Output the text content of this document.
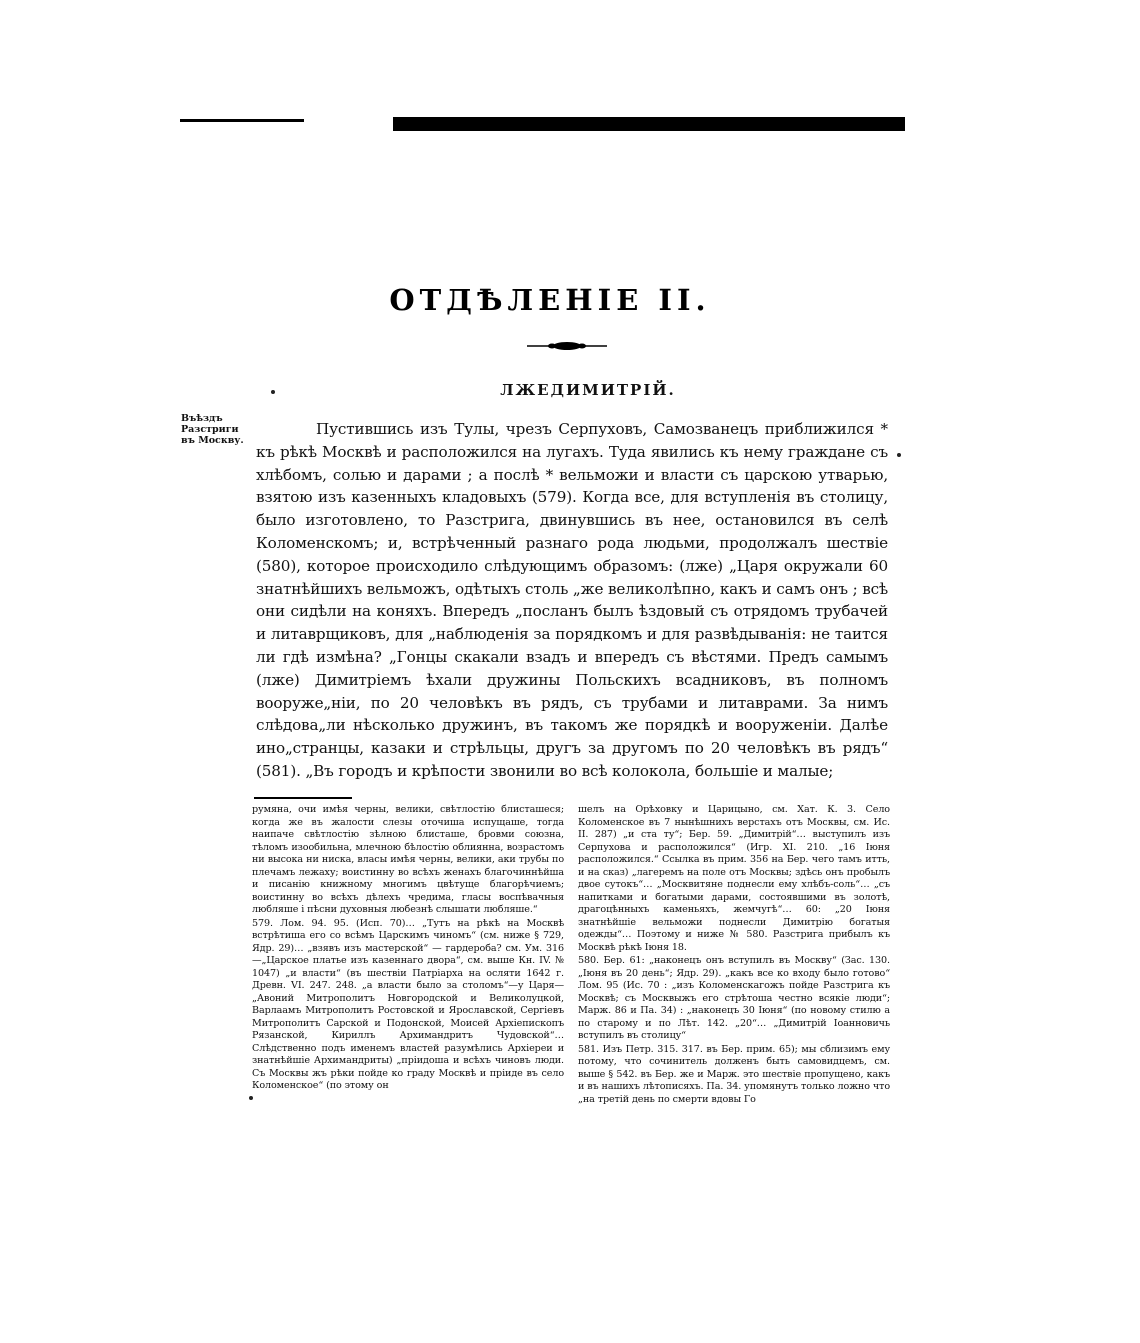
ОТДѢЛЕНІЕ II.
ЛЖЕДИМИТРІЙ.
Въѣздъ Разстриги въ Москву.
Пустившись изъ Тулы, чрезъ Серпуховъ, Самозванецъ приближился * къ рѣкѣ Москвѣ и расположился на лугахъ. Туда явились къ нему граждане съ хлѣбомъ, солью и дарами ; а послѣ * вельможи и власти съ царскою утварью, взятою изъ казенныхъ кладовыхъ (579). Когда все, для вступленія въ столицу, было изготовлено, то Разстрига, двинувшись въ нее, остановился въ селѣ Коломенскомъ; и, встрѣченный разнаго рода людьми, продолжалъ шествіе (580), которое происходило слѣдующимъ образомъ: (лже) „Царя окружали 60 знатнѣйшихъ вельможъ, одѣтыхъ столь „же великолѣпно, какъ и самъ онъ ; всѣ они сидѣли на коняхъ. Впередъ „посланъ былъ ѣздовый съ отрядомъ трубачей и литаврщиковъ, для „наблюденія за порядкомъ и для развѣдыванія: не таится ли гдѣ измѣна? „Гонцы скакали взадъ и впередъ съ вѣстями. Предъ самымъ (лже) Димитріемъ ѣхали дружины Польскихъ всадниковъ, въ полномъ вооруже„ніи, по 20 человѣкъ въ рядъ, съ трубами и литаврами. За нимъ слѣдова„ли нѣсколько дружинъ, въ такомъ же порядкѣ и вооруженіи. Далѣе ино„странцы, казаки и стрѣльцы, другъ за другомъ по 20 человѣкъ въ рядъ“ (581). „Въ городъ и крѣпости звонили во всѣ колокола, большіе и малые;

румяна, очи имѣя черны, велики, свѣтлостію блисташеся; когда же въ жалости слезы оточиша испущаше, тогда наипаче свѣтлостію зѣлною блисташе, бровми союзна, тѣломъ изообильна, млечною бѣлостію облиянна, возрастомъ ни высока ни ниска, власы имѣя черны, велики, аки трубы по плечамъ лежаху; воистинну во всѣхъ женахъ благочиннѣйша и писанію книжному многимъ цвѣтуще благорѣчиемъ; воистинну во всѣхъ дѣлехъ чредима, гласы воспѣвачныя любляше і пѣсни духовныя любезнѣ слышати любляше.“

579. Лом. 94. 95. (Исп. 70)… „Тутъ на рѣкѣ на Москвѣ встрѣтиша его со всѣмъ Царскимъ чиномъ“ (см. ниже § 729, Ядр. 29)… „взявъ изъ мастерской“ — гардероба? см. Ум. 316—„Царское платье изъ казеннаго двора“, см. выше Кн. IV. № 1047) „и власти“ (въ шествіи Патріарха на осляти 1642 г. Древн. VI. 247. 248. „а власти было за столомъ“—у Царя—„Авоний Митрополитъ Новгородской и Великолуцкой, Варлаамъ Митрополитъ Ростовской и Ярославской, Сергіевъ Митрополитъ Сарской и Подонской, Моисей Архіепископъ Рязанской, Кириллъ Архимандритъ Чудовской“… Слѣдственно подъ именемъ властей разумѣлись Архіереи и знатнѣйшіе Архимандриты) „пріидоша и всѣхъ чиновъ люди. Съ Москвы жъ рѣки пойде ко граду Москвѣ и пріиде въ село Коломенское“ (по этому он

шелъ на Орѣховку и Царицыно, см. Хат. К. 3. Село Коломенское въ 7 нынѣшнихъ верстахъ отъ Москвы, см. Ис. II. 287) „и ста ту“; Бер. 59. „Димитрій“… выступилъ изъ Серпухова и расположился“ (Игр. XI. 210. „16 Іюня расположился.“ Ссылка въ прим. 356 на Бер. чего тамъ итть, и на сказ) „лагеремъ на поле отъ Москвы; здѣсь онъ пробылъ двое сутокъ“… „Москвитяне поднесли ему хлѣбъ-соль“… „съ напитками и богатыми дарами, состоявшими въ золотѣ, драгоцѣнныхъ каменьяхъ, жемчугѣ“… 60: „20 Іюня знатнѣйшіе вельможи поднесли Димитрію богатыя одежды“… Поэтому и ниже № 580. Разстрига прибылъ къ Москвѣ рѣкѣ Іюня 18.

580. Бер. 61: „наконецъ онъ вступилъ въ Москву“ (Зас. 130. „Іюня въ 20 день“; Ядр. 29). „какъ все ко входу было готово“ Лом. 95 (Ис. 70 : „изъ Коломенскагожъ пойде Разстрига къ Москвѣ; съ Москвыжъ его стрѣтоша честно всякіе люди“; Марж. 86 и Па. 34) : „наконецъ 30 Іюня“ (по новому стилю а по старому и по Лѣт. 142. „20“… „Димитрій Іоанновичь вступилъ въ столицу“

581. Изъ Петр. 315. 317. въ Бер. прим. 65); мы сблизимъ ему потому, что сочинитель долженъ быть самовидцемъ, см. выше § 542. въ Бер. же и Марж. это шествіе пропущено, какъ и въ нашихъ лѣтописяхъ. Па. 34. упомянутъ только ложно что „на третій день по смерти вдовы Го
